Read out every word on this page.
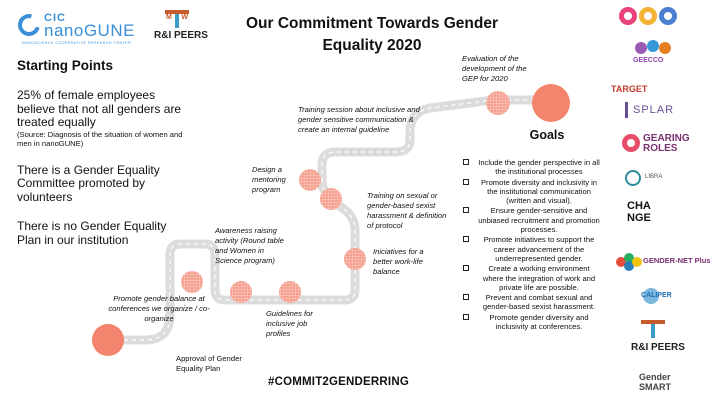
CIC
nanoGUNE
NANOSCIENCE COOPERATIVE RESEARCH CENTER
M W
R&I PEERS
Our Commitment Towards Gender
Equality 2020
Starting Points
25% of female employees believe that not all genders are treated equally
(Source: Diagnosis of the situation of women and men in nanoGUNE)
There is a Gender Equality Committee promoted by volunteers
There is no Gender Equality Plan in our institution
Approval of Gender Equality Plan
Promote gender balance at conferences we organize / co-organize
Awareness raising activity (Round table and Women in Science program)
Guidelines for inclusive job profiles
Design a mentoring program
Training session about inclusive and gender sensitive communication & create an internal guideline
Training on sexual or gender-based sexist harassment & definition of protocol
Iniciatives for a better work-life balance
Evaluation of the development of the GEP for 2020
Goals
Include the gender perspective in all the institutional processes
Promote diversity and inclusivity in the institutional communication (written and visual).
Ensure gender-sensitive and unbiased recruitment and promotion processes.
Promote initiatives to support the career advancement of the underrepresented gender.
Create a working environment where the integration of work and private life are possible.
Prevent and combat sexual and gender-based sexist harassment.
Promote gender diversity and inclusivity at conferences.
#COMMIT2GENDERRING
GEECCO
TARGET
SPLAR
GEARING ROLES
LIBRA
CHANGE
GENDER-NET Plus
CALIPER
R&I PEERS
Gender SMART
